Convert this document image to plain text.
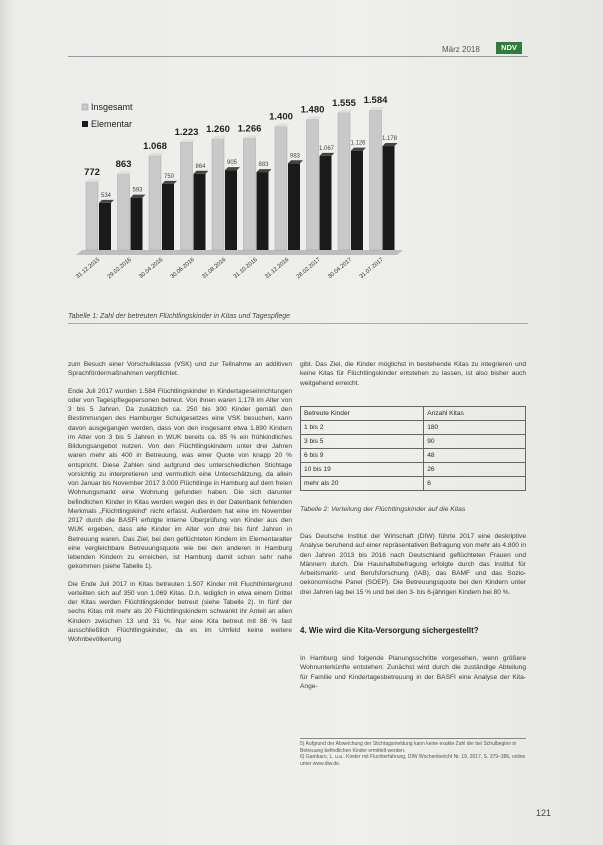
März 2018	NDV
772
534
31.12.2015
863
593
29.02.2016
1.068
750
30.04.2016
1.223
864
30.06.2016
1.260
905
31.08.2016
1.266
883
31.10.2016
1.400
983
31.12.2016
1.480
1.067
28.02.2017
1.555
1.126
30.04.2017
1.584
1.178
31.07.2017
Insgesamt
Elementar
Tabelle 1: Zahl der betreuten Flüchtlingskinder in Kitas und Tagespflege

zum Besuch einer Vorschulklasse (VSK) und zur Teilnahme an additiven Sprachfördermaßnahmen verpflichtet.

Ende Juli 2017 wurden 1.584 Flüchtlingskinder in Kindertageseinrichtungen oder von Tagespflegepersonen betreut. Von ihnen waren 1.178 im Alter von 3 bis 5 Jahren. Da zusätzlich ca. 250 bis 300 Kinder gemäß den Bestimmungen des Hamburger Schulgesetzes eine VSK besuchen, kann davon ausgegangen werden, dass von den insgesamt etwa 1.890 Kindern im Alter von 3 bis 5 Jahren in WUK bereits ca. 85 % ein frühkindliches Bildungsangebot nutzen. Von den Flüchtlingskindern unter drei Jahren waren mehr als 400 in Betreuung, was einer Quote von knapp 20 % entspricht. Diese Zahlen sind aufgrund des unterschiedlichen Stichtage vorsichtig zu interpretieren und vermutlich eine Unterschätzung, da allein von Januar bis November 2017 3.000 Flüchtlinge in Hamburg auf dem freien Wohnungsmarkt eine Wohnung gefunden haben. Die sich darunter befindlichen Kinder in Kitas werden wegen des in der Datenbank fehlenden Merkmals „Flüchtlingskind“ nicht erfasst. Außerdem hat eine im November 2017 durch die BASFI erfolgte interne Überprüfung von Kinder aus den WUK ergeben, dass alle Kinder im Alter von drei bis fünf Jahren in Betreuung waren. Das Ziel, bei den geflüchteten Kindern im Elementaralter eine vergleichbare Betreuungsquote wie bei den anderen in Hamburg lebenden Kindern zu erreichen, ist Hamburg damit schon sehr nahe gekommen (siehe Tabelle 1).

Die Ende Juli 2017 in Kitas betreuten 1.507 Kinder mit Fluchthintergrund verteilten sich auf 350 von 1.069 Kitas. D.h. lediglich in etwa einem Drittel der Kitas werden Flüchtlingskinder betreut (siehe Tabelle 2). In fünf der sechs Kitas mit mehr als 20 Flüchtlingskindern schwankt ihr Anteil an allen Kindern zwischen 13 und 31 %. Nur eine Kita betreut mit 86 % fast ausschließlich Flüchtlingskinder, da es im Umfeld keine weitere Wohnbevölkerung

gibt. Das Ziel, die Kinder möglichst in bestehende Kitas zu integrieren und keine Kitas für Flüchtlingskinder entstehen zu lassen, ist also bisher auch weitgehend erreicht.

Betreute Kinder	Anzahl Kitas
1 bis 2	180
3 bis 5	90
6 bis 9	48
10 bis 19	26
mehr als 20	6
Tabelle 2: Verteilung der Flüchtlingskinder auf die Kitas

Das Deutsche Institut der Wirtschaft (DIW) führte 2017 eine deskriptive Analyse beruhend auf einer repräsentativen Befragung von mehr als 4.800 in den Jahren 2013 bis 2016 nach Deutschland geflüchteten Frauen und Männern durch. Die Haushaltsbefragung erfolgte durch das Institut für Arbeitsmarkt- und Berufsforschung (IAB), das BAMF und das Sozio-oekonomische Panel (SOEP). Die Betreuungsquote bei den Kindern unter drei Jahren lag bei 15 % und bei den 3- bis 6-jährigen Kindern bei 80 %.

4. Wie wird die Kita-Versorgung sichergestellt?

In Hamburg sind folgende Planungsschritte vorgesehen, wenn größere Wohnunterkünfte entstehen: Zunächst wird durch die zuständige Abteilung für Familie und Kindertagesbetreuung in der BASFI eine Analyse der Kita-Ange-

5) Aufgrund der Abweichung der Stichtagsmeldung kann keine exakte Zahl der bei Schulbeginn in Betreuung befindlichen Kinder ermittelt werden.
6) Gambaro, L. u.a.: Kinder mit Fluchterfahrung, DIW Wochenbericht Nr. 19, 2017, S. 379–386, online unter www.diw.de.
121
